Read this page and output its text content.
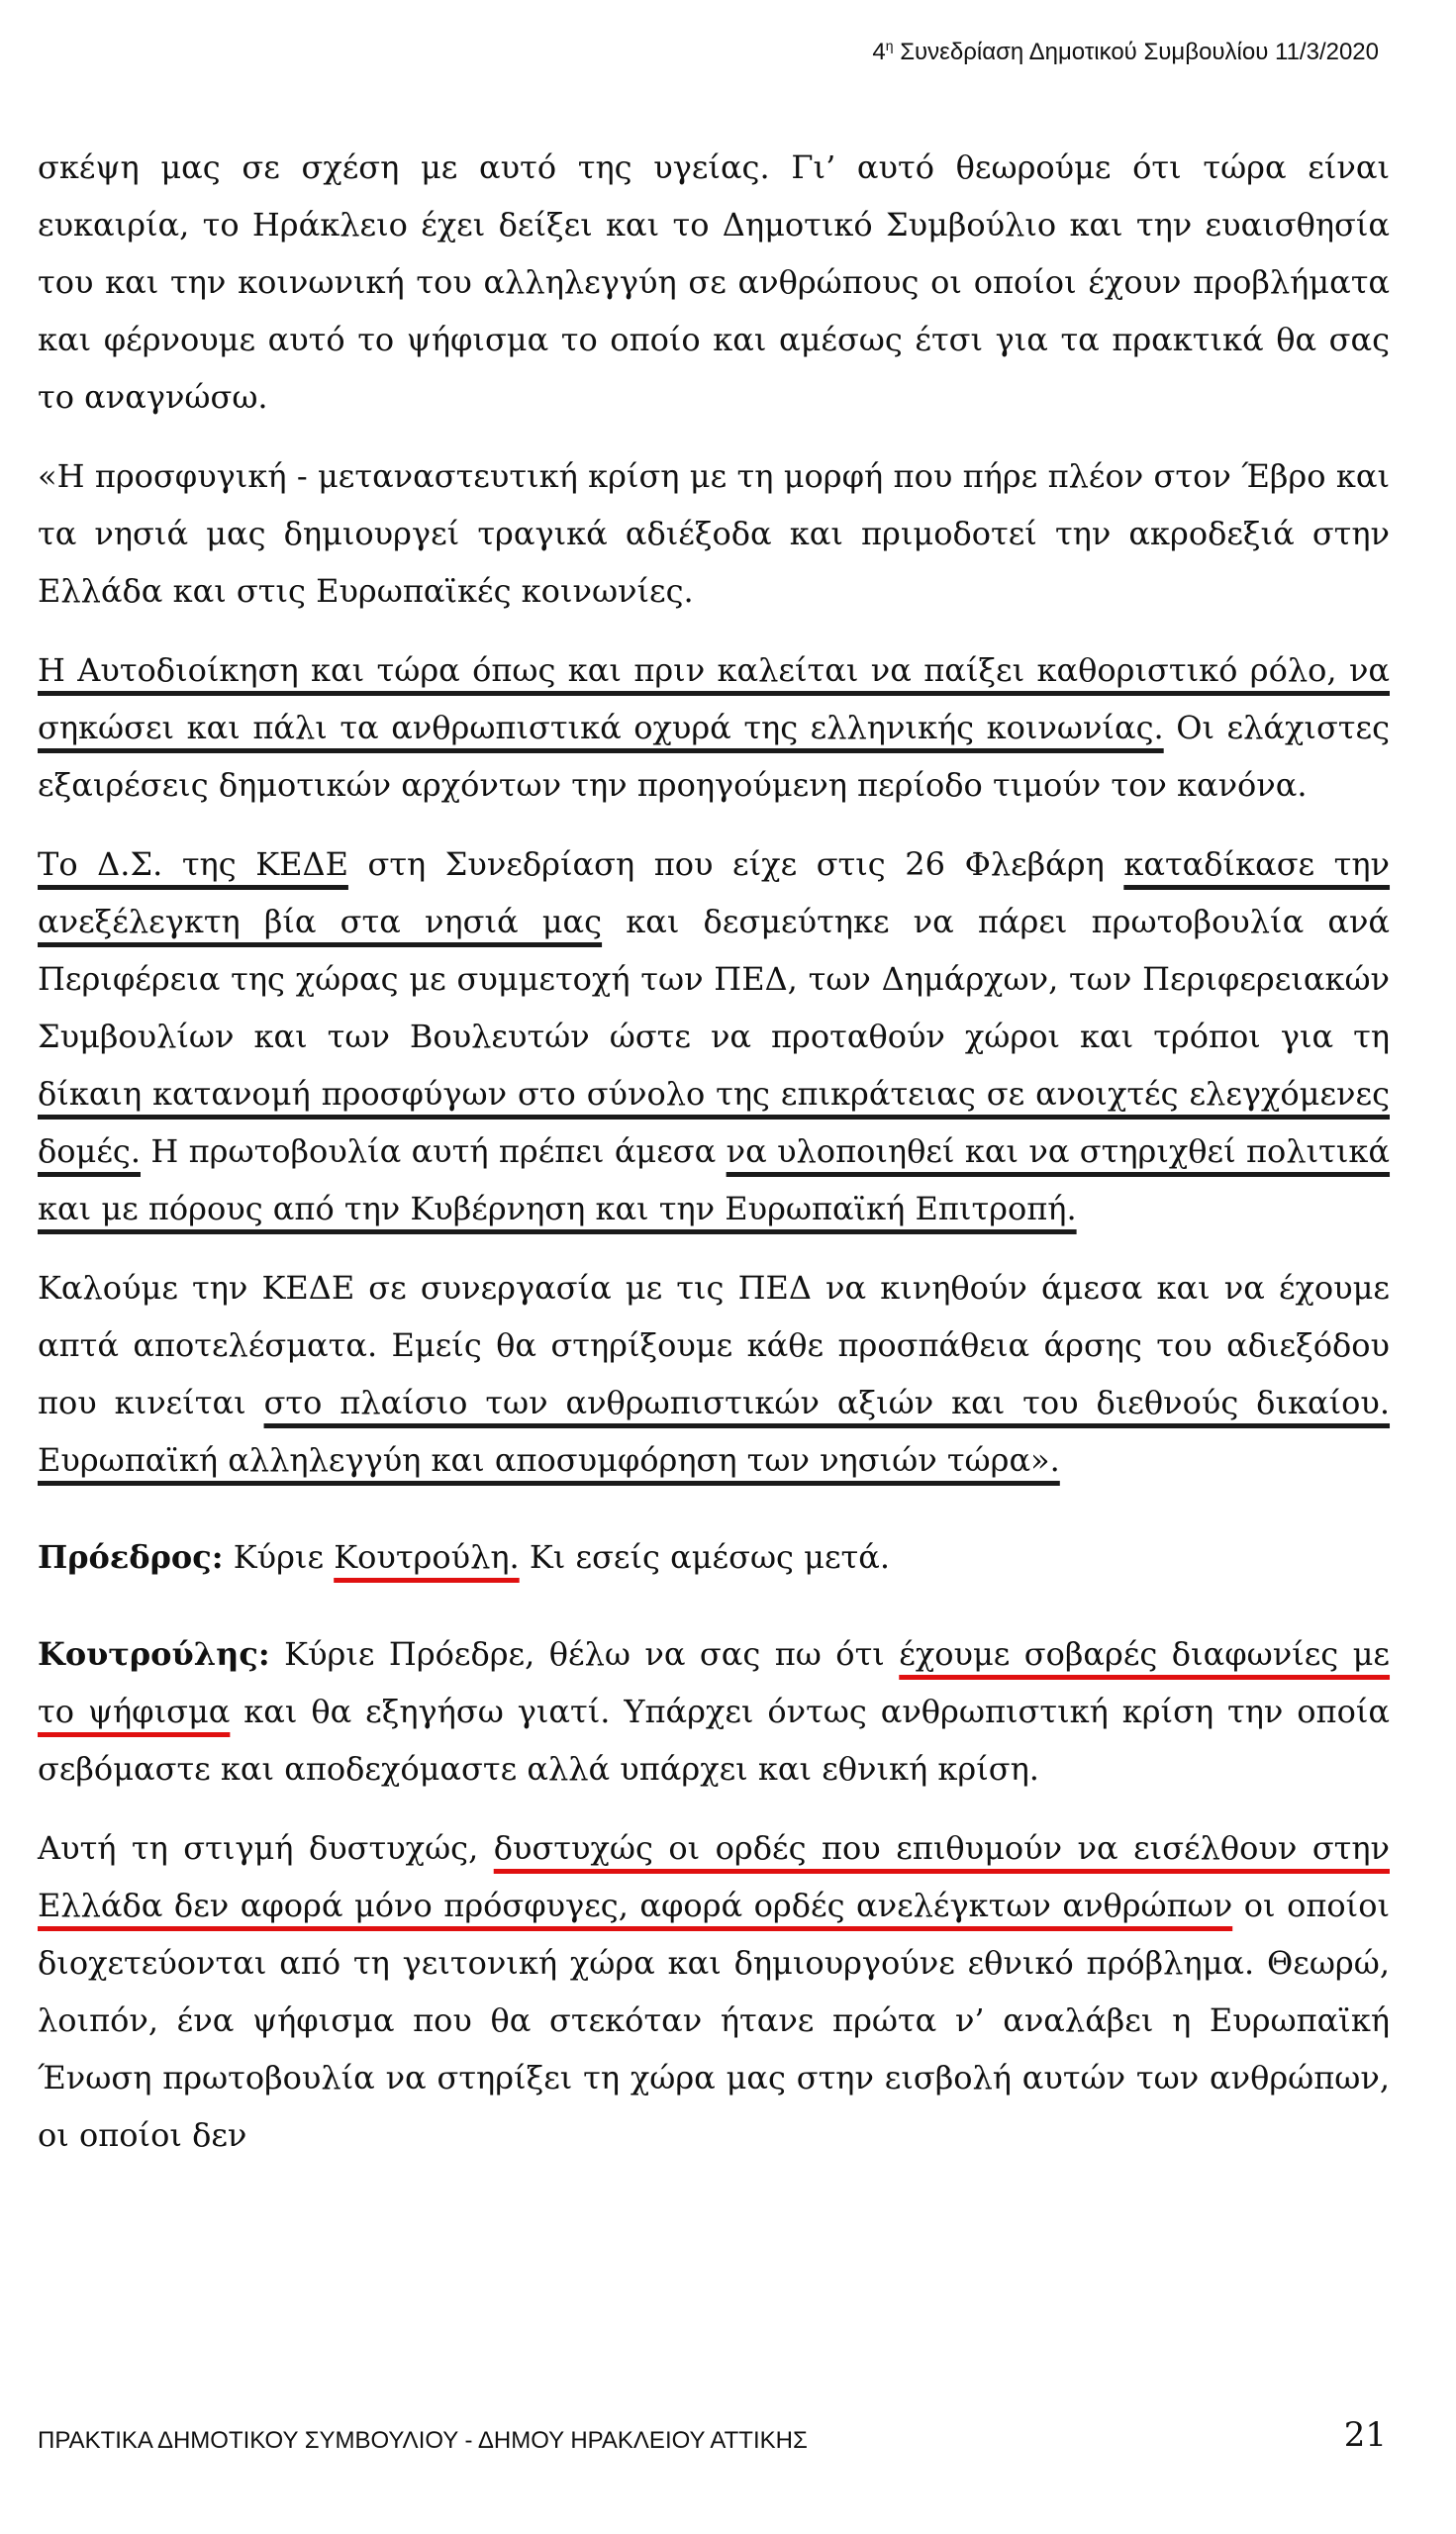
$4^\eta$ Συνεδρίαση Δημοτικού Συμβουλίου 11/3/2020

σκέψη μας σε σχέση με αυτό της υγείας. Γι’ αυτό θεωρούμε ότι τώρα είναι ευκαιρία, το Ηράκλειο έχει δείξει και το Δημοτικό Συμβούλιο και την ευαισθησία του και την κοινωνική του αλληλεγγύη σε ανθρώπους οι οποίοι έχουν προβλήματα και φέρνουμε αυτό το ψήφισμα το οποίο και αμέσως έτσι για τα πρακτικά θα σας το αναγνώσω.

«Η προσφυγική - μεταναστευτική κρίση με τη μορφή που πήρε πλέον στον Έβρο και τα νησιά μας δημιουργεί τραγικά αδιέξοδα και πριμοδοτεί την ακροδεξιά στην Ελλάδα και στις Ευρωπαϊκές κοινωνίες.

Η Αυτοδιοίκηση και τώρα όπως και πριν καλείται να παίξει καθοριστικό ρόλο, να σηκώσει και πάλι τα ανθρωπιστικά οχυρά της ελληνικής κοινωνίας. Οι ελάχιστες εξαιρέσεις δημοτικών αρχόντων την προηγούμενη περίοδο τιμούν τον κανόνα.

Το Δ.Σ. της ΚΕΔΕ στη Συνεδρίαση που είχε στις 26 Φλεβάρη καταδίκασε την ανεξέλεγκτη βία στα νησιά μας και δεσμεύτηκε να πάρει πρωτοβουλία ανά Περιφέρεια της χώρας με συμμετοχή των ΠΕΔ, των Δημάρχων, των Περιφερειακών Συμβουλίων και των Βουλευτών ώστε να προταθούν χώροι και τρόποι για τη δίκαιη κατανομή προσφύγων στο σύνολο της επικράτειας σε ανοιχτές ελεγχόμενες δομές. Η πρωτοβουλία αυτή πρέπει άμεσα να υλοποιηθεί και να στηριχθεί πολιτικά και με πόρους από την Κυβέρνηση και την Ευρωπαϊκή Επιτροπή.

Καλούμε την ΚΕΔΕ σε συνεργασία με τις ΠΕΔ να κινηθούν άμεσα και να έχουμε απτά αποτελέσματα. Εμείς θα στηρίξουμε κάθε προσπάθεια άρσης του αδιεξόδου που κινείται στο πλαίσιο των ανθρωπιστικών αξιών και του διεθνούς δικαίου. Ευρωπαϊκή αλληλεγγύη και αποσυμφόρηση των νησιών τώρα».

Πρόεδρος: Κύριε Κουτρούλη. Κι εσείς αμέσως μετά.

Κουτρούλης: Κύριε Πρόεδρε, θέλω να σας πω ότι έχουμε σοβαρές διαφωνίες με το ψήφισμα και θα εξηγήσω γιατί. Υπάρχει όντως ανθρωπιστική κρίση την οποία σεβόμαστε και αποδεχόμαστε αλλά υπάρχει και εθνική κρίση.

Αυτή τη στιγμή δυστυχώς, δυστυχώς οι ορδές που επιθυμούν να εισέλθουν στην Ελλάδα δεν αφορά μόνο πρόσφυγες, αφορά ορδές ανελέγκτων ανθρώπων οι οποίοι διοχετεύονται από τη γειτονική χώρα και δημιουργούνε εθνικό πρόβλημα. Θεωρώ, λοιπόν, ένα ψήφισμα που θα στεκόταν ήτανε πρώτα ν’ αναλάβει η Ευρωπαϊκή Ένωση πρωτοβουλία να στηρίξει τη χώρα μας στην εισβολή αυτών των ανθρώπων, οι οποίοι δεν

ΠΡΑΚΤΙΚΑ ΔΗΜΟΤΙΚΟΥ ΣΥΜΒΟΥΛΙΟΥ - ΔΗΜΟΥ ΗΡΑΚΛΕΙΟΥ ΑΤΤΙΚΗΣ	21
